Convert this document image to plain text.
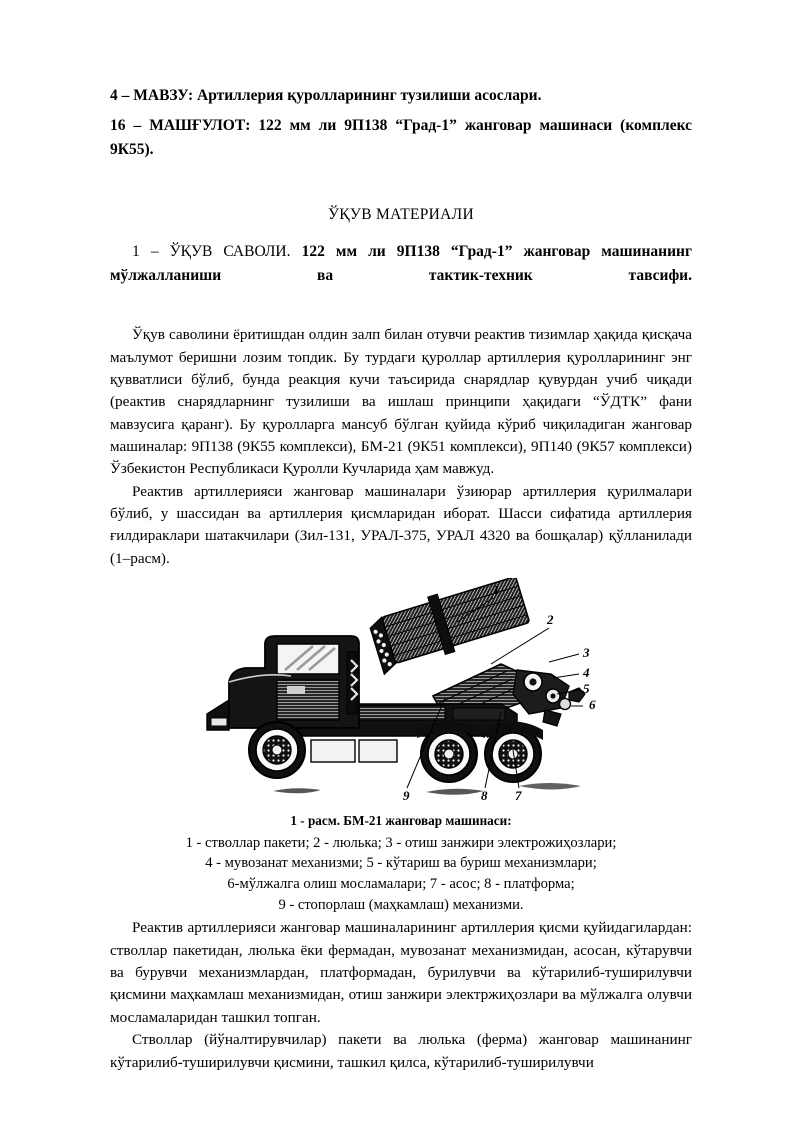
4 – МАВЗУ: Артиллерия қуролларининг тузилиши асослари.
16 – МАШҒУЛОТ: 122 мм ли 9П138 “Град-1” жанговар машинаси (комплекс 9К55).
ЎҚУВ МАТЕРИАЛИ
1 – ЎҚУВ САВОЛИ. 122 мм ли 9П138 “Град-1” жанговар машинанинг мўлжалланиши ва тактик-техник тавсифи.

Ўқув саволини ёритишдан олдин залп билан отувчи реактив тизимлар ҳақида қисқача маълумот беришни лозим топдик. Бу турдаги қуроллар артиллерия қуролларининг энг қувватлиси бўлиб, бунда реакция кучи таъсирида снарядлар қувурдан учиб чиқади (реактив снарядларнинг тузилиши ва ишлаш принципи ҳақидаги “ЎДТК” фани мавзусига қаранг). Бу қуролларга мансуб бўлган қуйида кўриб чиқиладиган жанговар машиналар: 9П138 (9К55 комплекси), БМ-21 (9К51 комплекси), 9П140 (9К57 комплекси) Ўзбекистон Республикаси Қуролли Кучларида ҳам мавжуд.

Реактив артиллерияси жанговар машиналари ўзиюрар артиллерия қурилмалари бўлиб, у шассидан ва артиллерия қисмларидан иборат. Шасси сифатида артиллерия ғилдираклари шатакчилари (Зил-131, УРАЛ-375, УРАЛ 4320 ва бошқалар) қўлланилади (1–расм).

1
2
3
4
5
6
7
8
9
1 - расм. БМ-21 жанговар машинаси:
1 - стволлар пакети; 2 - люлька; 3 - отиш занжири электрожиҳозлари;
4 - мувозанат механизми; 5 - кўтариш ва буриш механизмлари;
6-мўлжалга олиш мосламалари; 7 - асос; 8 - платформа;
9 - стопорлаш (маҳкамлаш) механизми.

Реактив артиллерияси жанговар машиналарининг артиллерия қисми қуйидагилардан: стволлар пакетидан, люлька ёки фермадан, мувозанат механизмидан, асосан, кўтарувчи ва бурувчи механизмлардан, платформадан, бурилувчи ва кўтарилиб-туширилувчи қисмини маҳкамлаш механизмидан, отиш занжири электржиҳозлари ва мўлжалга олувчи мосламаларидан ташкил топган.

Стволлар (йўналтирувчилар) пакети ва люлька (ферма) жанговар машинанинг кўтарилиб-туширилувчи қисмини, ташкил қилса, кўтарилиб-туширилувчи
